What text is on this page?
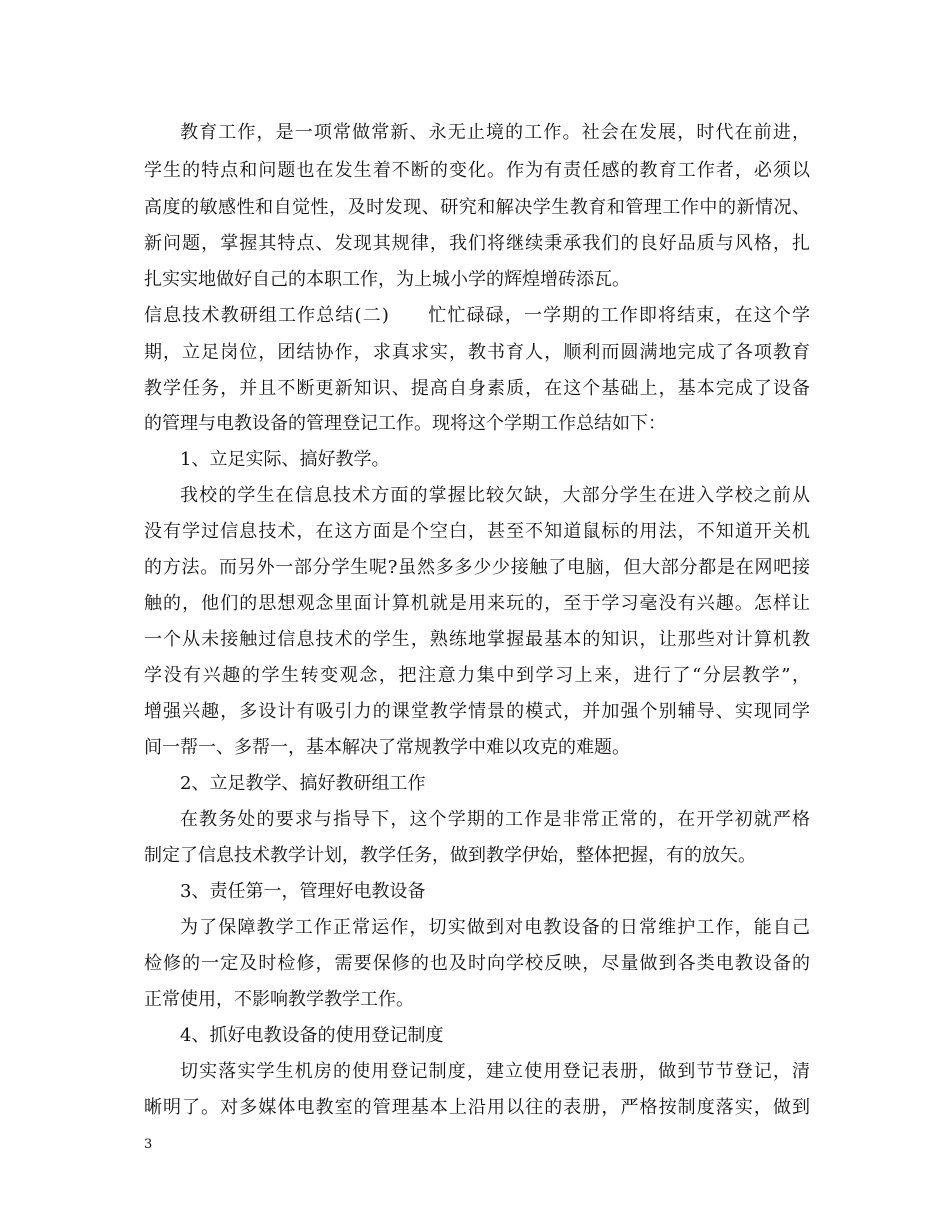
教育工作，是一项常做常新、永无止境的工作。社会在发展，时代在前进，
学生的特点和问题也在发生着不断的变化。作为有责任感的教育工作者，必须以
高度的敏感性和自觉性，及时发现、研究和解决学生教育和管理工作中的新情况、
新问题，掌握其特点、发现其规律，我们将继续秉承我们的良好品质与风格，扎
扎实实地做好自己的本职工作，为上城小学的辉煌增砖添瓦。
信息技术教研组工作总结(二)　　忙忙碌碌，一学期的工作即将结束，在这个学
期，立足岗位，团结协作，求真求实，教书育人，顺利而圆满地完成了各项教育
教学任务，并且不断更新知识、提高自身素质，在这个基础上，基本完成了设备
的管理与电教设备的管理登记工作。现将这个学期工作总结如下：
1、立足实际、搞好教学。
我校的学生在信息技术方面的掌握比较欠缺，大部分学生在进入学校之前从
没有学过信息技术，在这方面是个空白，甚至不知道鼠标的用法，不知道开关机
的方法。而另外一部分学生呢?虽然多多少少接触了电脑，但大部分都是在网吧接
触的，他们的思想观念里面计算机就是用来玩的，至于学习毫没有兴趣。怎样让
一个从未接触过信息技术的学生，熟练地掌握最基本的知识，让那些对计算机教
学没有兴趣的学生转变观念，把注意力集中到学习上来，进行了“分层教学”，
增强兴趣，多设计有吸引力的课堂教学情景的模式，并加强个别辅导、实现同学
间一帮一、多帮一，基本解决了常规教学中难以攻克的难题。
2、立足教学、搞好教研组工作
在教务处的要求与指导下，这个学期的工作是非常正常的，在开学初就严格
制定了信息技术教学计划，教学任务，做到教学伊始，整体把握，有的放矢。
3、责任第一，管理好电教设备
为了保障教学工作正常运作，切实做到对电教设备的日常维护工作，能自己
检修的一定及时检修，需要保修的也及时向学校反映，尽量做到各类电教设备的
正常使用，不影响教学教学工作。
4、抓好电教设备的使用登记制度
切实落实学生机房的使用登记制度，建立使用登记表册，做到节节登记，清
晰明了。对多媒体电教室的管理基本上沿用以往的表册，严格按制度落实，做到
3
